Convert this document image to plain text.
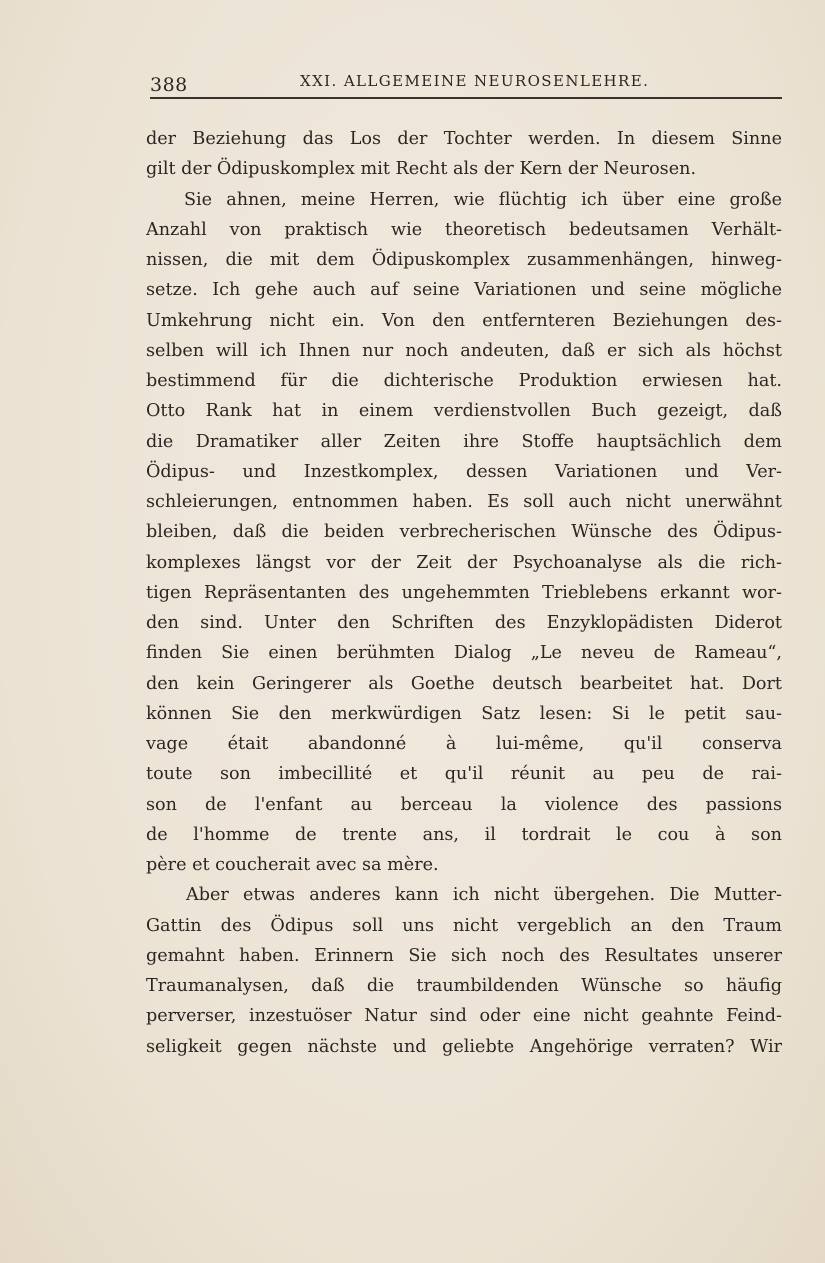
388	XXI. ALLGEMEINE NEUROSENLEHRE.
der Beziehung das Los der Tochter werden. In diesem Sinne
gilt der Ödipuskomplex mit Recht als der Kern der Neurosen.
Sie ahnen, meine Herren, wie flüchtig ich über eine große
Anzahl von praktisch wie theoretisch bedeutsamen Verhält-
nissen, die mit dem Ödipuskomplex zusammenhängen, hinweg-
setze. Ich gehe auch auf seine Variationen und seine mögliche
Umkehrung nicht ein. Von den entfernteren Beziehungen des-
selben will ich Ihnen nur noch andeuten, daß er sich als höchst
bestimmend für die dichterische Produktion erwiesen hat.
Otto Rank hat in einem verdienstvollen Buch gezeigt, daß
die Dramatiker aller Zeiten ihre Stoffe hauptsächlich dem
Ödipus- und Inzestkomplex, dessen Variationen und Ver-
schleierungen, entnommen haben. Es soll auch nicht unerwähnt
bleiben, daß die beiden verbrecherischen Wünsche des Ödipus-
komplexes längst vor der Zeit der Psychoanalyse als die rich-
tigen Repräsentanten des ungehemmten Trieblebens erkannt wor-
den sind. Unter den Schriften des Enzyklopädisten Diderot
finden Sie einen berühmten Dialog „Le neveu de Rameau“,
den kein Geringerer als Goethe deutsch bearbeitet hat. Dort
können Sie den merkwürdigen Satz lesen: Si le petit sau-
vage était abandonné à lui-même, qu'il conserva
toute son imbecillité et qu'il réunit au peu de rai-
son de l'enfant au berceau la violence des passions
de l'homme de trente ans, il tordrait le cou à son
père et coucherait avec sa mère.
Aber etwas anderes kann ich nicht übergehen. Die Mutter-
Gattin des Ödipus soll uns nicht vergeblich an den Traum
gemahnt haben. Erinnern Sie sich noch des Resultates unserer
Traumanalysen, daß die traumbildenden Wünsche so häufig
perverser, inzestuöser Natur sind oder eine nicht geahnte Feind-
seligkeit gegen nächste und geliebte Angehörige verraten? Wir
